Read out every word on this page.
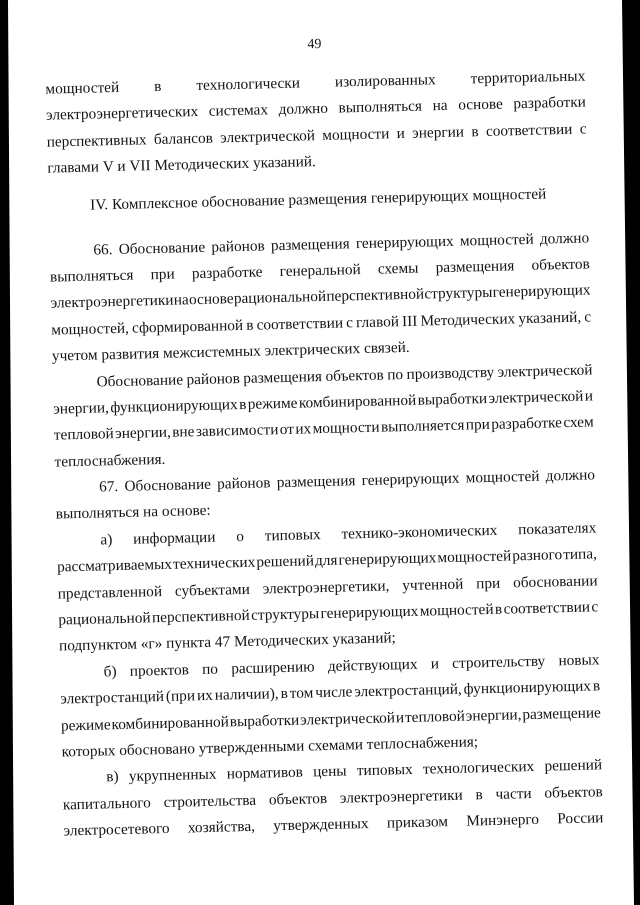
49
мощностей в технологически изолированных территориальных
электроэнергетических системах должно выполняться на основе разработки
перспективных балансов электрической мощности и энергии в соответствии с
главами V и VII Методических указаний.
IV. Комплексное обоснование размещения генерирующих мощностей
66. Обоснование районов размещения генерирующих мощностей должно
выполняться при разработке генеральной схемы размещения объектов
электроэнергетики на основе рациональной перспективной структуры генерирующих
мощностей, сформированной в соответствии с главой III Методических указаний, с
учетом развития межсистемных электрических связей.
Обоснование районов размещения объектов по производству электрической
энергии, функционирующих в режиме комбинированной выработки электрической и
тепловой энергии, вне зависимости от их мощности выполняется при разработке схем
теплоснабжения.
67. Обоснование районов размещения генерирующих мощностей должно
выполняться на основе:
а) информации о типовых технико-экономических показателях
рассматриваемых технических решений для генерирующих мощностей разного типа,
представленной субъектами электроэнергетики, учтенной при обосновании
рациональной перспективной структуры генерирующих мощностей в соответствии с
подпунктом «г» пункта 47 Методических указаний;
б) проектов по расширению действующих и строительству новых
электростанций (при их наличии), в том числе электростанций, функционирующих в
режиме комбинированной выработки электрической и тепловой энергии, размещение
которых обосновано утвержденными схемами теплоснабжения;
в) укрупненных нормативов цены типовых технологических решений
капитального строительства объектов электроэнергетики в части объектов
электросетевого хозяйства, утвержденных приказом Минэнерго России
